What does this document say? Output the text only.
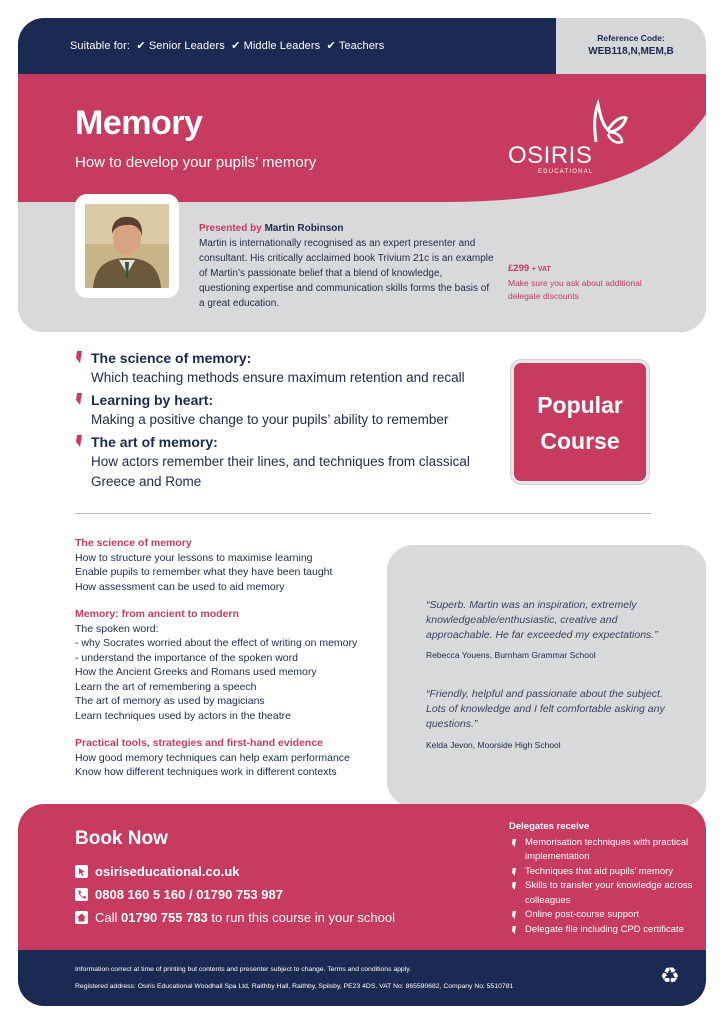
Suitable for:  ✔ Senior Leaders  ✔ Middle Leaders  ✔ Teachers
Reference Code:
WEB118,N,MEM,B
Memory
How to develop your pupils’ memory	OSIRIS
EDUCATIONAL
Presented by Martin Robinson
Martin is internationally recognised as an expert presenter and consultant. His critically acclaimed book Trivium 21c is an example of Martin’s passionate belief that a blend of knowledge, questioning expertise and communication skills forms the basis of a great education.
£299 + VAT
Make sure you ask about additional delegate discounts
The science of memory:
Which teaching methods ensure maximum retention and recall
Learning by heart:
Making a positive change to your pupils’ ability to remember
The art of memory:
How actors remember their lines, and techniques from classical Greece and Rome
Popular
Course
The science of memory
How to structure your lessons to maximise learning
Enable pupils to remember what they have been taught
How assessment can be used to aid memory
Memory: from ancient to modern
The spoken word:
- why Socrates worried about the effect of writing on memory
- understand the importance of the spoken word
How the Ancient Greeks and Romans used memory
Learn the art of remembering a speech
The art of memory as used by magicians
Learn techniques used by actors in the theatre
Practical tools, strategies and first-hand evidence
How good memory techniques can help exam performance
Know how different techniques work in different contexts
“Superb. Martin was an inspiration, extremely knowledgeable/enthusiastic, creative and approachable. He far exceeded my expectations.”
Rebecca Youens, Burnham Grammar School
“Friendly, helpful and passionate about the subject. Lots of knowledge and I felt comfortable asking any questions.”
Kelda Jevon, Moorside High School
Book Now
osiriseducational.co.uk
0808 160 5 160 / 01790 753 987
Call 01790 755 783 to run this course in your school
Delegates receive
Memorisation techniques with practical implementation
Techniques that aid pupils’ memory
Skills to transfer your knowledge across colleagues
Online post-course support
Delegate file including CPD certificate
Information correct at time of printing but contents and presenter subject to change. Terms and conditions apply.
Registered address: Osiris Educational Woodhall Spa Ltd, Raithby Hall, Raithby, Spilsby, PE23 4DS. VAT No: 865590682, Company No: 5510781	♻
